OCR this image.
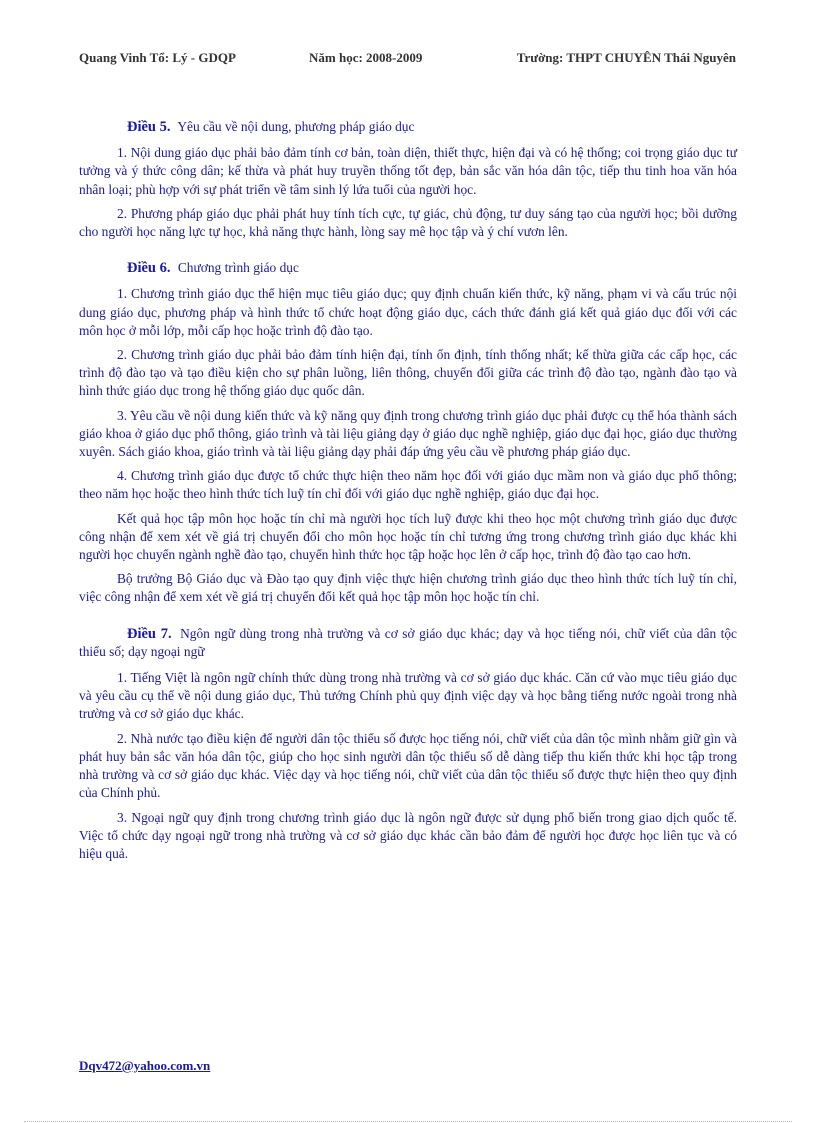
Quang Vinh Tổ: Lý - GDQP	Năm học: 2008-2009	Trường: THPT CHUYÊN Thái Nguyên

Điều 5. Yêu cầu về nội dung, phương pháp giáo dục

1. Nội dung giáo dục phải bảo đảm tính cơ bản, toàn diện, thiết thực, hiện đại và có hệ thống; coi trọng giáo dục tư tưởng và ý thức công dân; kế thừa và phát huy truyền thống tốt đẹp, bản sắc văn hóa dân tộc, tiếp thu tinh hoa văn hóa nhân loại; phù hợp với sự phát triển về tâm sinh lý lứa tuổi của người học.

2. Phương pháp giáo dục phải phát huy tính tích cực, tự giác, chủ động, tư duy sáng tạo của người học; bồi dưỡng cho người học năng lực tự học, khả năng thực hành, lòng say mê học tập và ý chí vươn lên.

Điều 6. Chương trình giáo dục

1. Chương trình giáo dục thể hiện mục tiêu giáo dục; quy định chuẩn kiến thức, kỹ năng, phạm vi và cấu trúc nội dung giáo dục, phương pháp và hình thức tổ chức hoạt động giáo dục, cách thức đánh giá kết quả giáo dục đối với các môn học ở mỗi lớp, mỗi cấp học hoặc trình độ đào tạo.

2. Chương trình giáo dục phải bảo đảm tính hiện đại, tính ổn định, tính thống nhất; kế thừa giữa các cấp học, các trình độ đào tạo và tạo điều kiện cho sự phân luồng, liên thông, chuyển đổi giữa các trình độ đào tạo, ngành đào tạo và hình thức giáo dục trong hệ thống giáo dục quốc dân.

3. Yêu cầu về nội dung kiến thức và kỹ năng quy định trong chương trình giáo dục phải được cụ thể hóa thành sách giáo khoa ở giáo dục phổ thông, giáo trình và tài liệu giảng dạy ở giáo dục nghề nghiệp, giáo dục đại học, giáo dục thường xuyên. Sách giáo khoa, giáo trình và tài liệu giảng dạy phải đáp ứng yêu cầu về phương pháp giáo dục.

4. Chương trình giáo dục được tổ chức thực hiện theo năm học đối với giáo dục mầm non và giáo dục phổ thông; theo năm học hoặc theo hình thức tích luỹ tín chỉ đối với giáo dục nghề nghiệp, giáo dục đại học.

Kết quả học tập môn học hoặc tín chỉ mà người học tích luỹ được khi theo học một chương trình giáo dục được công nhận để xem xét về giá trị chuyển đổi cho môn học hoặc tín chỉ tương ứng trong chương trình giáo dục khác khi người học chuyển ngành nghề đào tạo, chuyển hình thức học tập hoặc học lên ở cấp học, trình độ đào tạo cao hơn.

Bộ trưởng Bộ Giáo dục và Đào tạo quy định việc thực hiện chương trình giáo dục theo hình thức tích luỹ tín chỉ, việc công nhận để xem xét về giá trị chuyển đổi kết quả học tập môn học hoặc tín chỉ.

Điều 7. Ngôn ngữ dùng trong nhà trường và cơ sở giáo dục khác; dạy và học tiếng nói, chữ viết của dân tộc thiểu số; dạy ngoại ngữ

1. Tiếng Việt là ngôn ngữ chính thức dùng trong nhà trường và cơ sở giáo dục khác. Căn cứ vào mục tiêu giáo dục và yêu cầu cụ thể về nội dung giáo dục, Thủ tướng Chính phủ quy định việc dạy và học bằng tiếng nước ngoài trong nhà trường và cơ sở giáo dục khác.

2. Nhà nước tạo điều kiện để người dân tộc thiểu số được học tiếng nói, chữ viết của dân tộc mình nhằm giữ gìn và phát huy bản sắc văn hóa dân tộc, giúp cho học sinh người dân tộc thiểu số dễ dàng tiếp thu kiến thức khi học tập trong nhà trường và cơ sở giáo dục khác. Việc dạy và học tiếng nói, chữ viết của dân tộc thiểu số được thực hiện theo quy định của Chính phủ.

3. Ngoại ngữ quy định trong chương trình giáo dục là ngôn ngữ được sử dụng phổ biến trong giao dịch quốc tế. Việc tổ chức dạy ngoại ngữ trong nhà trường và cơ sở giáo dục khác cần bảo đảm để người học được học liên tục và có hiệu quả.

Dqv472@yahoo.com.vn
